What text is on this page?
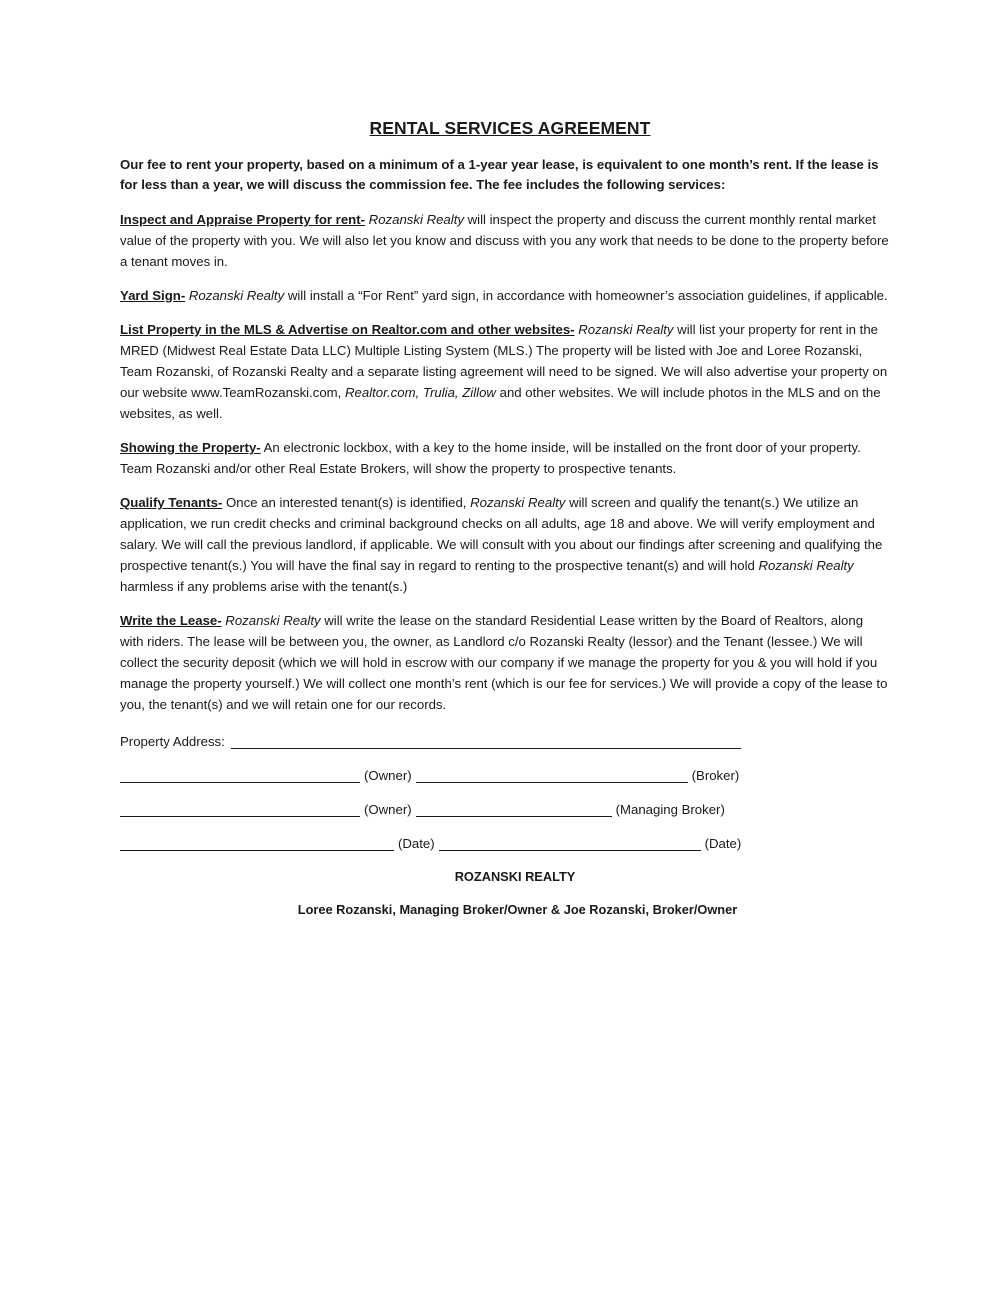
RENTAL SERVICES AGREEMENT

Our fee to rent your property, based on a minimum of a 1-year year lease, is equivalent to one month’s rent. If the lease is for less than a year, we will discuss the commission fee. The fee includes the following services:

Inspect and Appraise Property for rent- Rozanski Realty will inspect the property and discuss the current monthly rental market value of the property with you. We will also let you know and discuss with you any work that needs to be done to the property before a tenant moves in.

Yard Sign- Rozanski Realty will install a “For Rent” yard sign, in accordance with homeowner’s association guidelines, if applicable.

List Property in the MLS & Advertise on Realtor.com and other websites- Rozanski Realty will list your property for rent in the MRED (Midwest Real Estate Data LLC) Multiple Listing System (MLS.) The property will be listed with Joe and Loree Rozanski, Team Rozanski, of Rozanski Realty and a separate listing agreement will need to be signed. We will also advertise your property on our website www.TeamRozanski.com, Realtor.com, Trulia, Zillow and other websites. We will include photos in the MLS and on the websites, as well.

Showing the Property- An electronic lockbox, with a key to the home inside, will be installed on the front door of your property. Team Rozanski and/or other Real Estate Brokers, will show the property to prospective tenants.

Qualify Tenants- Once an interested tenant(s) is identified, Rozanski Realty will screen and qualify the tenant(s.) We utilize an application, we run credit checks and criminal background checks on all adults, age 18 and above. We will verify employment and salary. We will call the previous landlord, if applicable. We will consult with you about our findings after screening and qualifying the prospective tenant(s.) You will have the final say in regard to renting to the prospective tenant(s) and will hold Rozanski Realty harmless if any problems arise with the tenant(s.)

Write the Lease- Rozanski Realty will write the lease on the standard Residential Lease written by the Board of Realtors, along with riders. The lease will be between you, the owner, as Landlord c/o Rozanski Realty (lessor) and the Tenant (lessee.) We will collect the security deposit (which we will hold in escrow with our company if we manage the property for you & you will hold if you manage the property yourself.) We will collect one month’s rent (which is our fee for services.) We will provide a copy of the lease to you, the tenant(s) and we will retain one for our records.

Property Address:
(Owner)	(Broker)
(Owner)	(Managing Broker)
(Date)	(Date)
ROZANSKI REALTY
Loree Rozanski, Managing Broker/Owner & Joe Rozanski, Broker/Owner
